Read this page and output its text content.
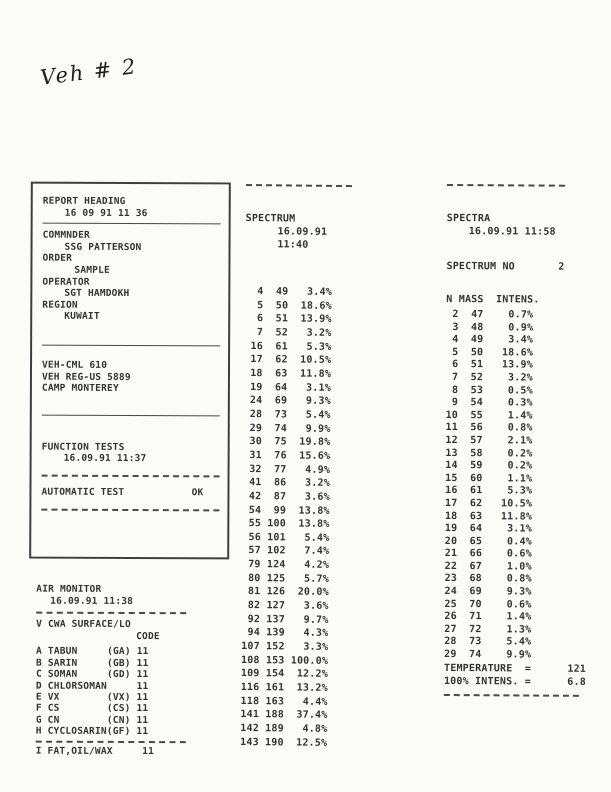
Veh # 2
REPORT HEADING
16 09 91 11 36
COMMNDER
SSG PATTERSON
ORDER
SAMPLE
OPERATOR
SGT HAMDOKH
REGION
KUWAIT
VEH-CML 610
VEH REG-US 5889
CAMP MONTEREY
FUNCTION TESTS
16.09.91 11:37
AUTOMATIC TEST	OK
AIR MONITOR
16.09.91 11:38
V CWA SURFACE/LO
CODE
A TABUN     (GA) 11
B SARIN     (GB) 11
C SOMAN     (GD) 11
D CHLORSOMAN     11
E VX        (VX) 11
F CS        (CS) 11
G CN        (CN) 11
H CYCLOSARIN(GF) 11
I FAT,OIL/WAX     11
SPECTRUM
16.09.91 11:40
4  49   3.4%
5  50  18.6%
6  51  13.9%
7  52   3.2%
16  61   5.3%
17  62  10.5%
18  63  11.8%
19  64   3.1%
24  69   9.3%
28  73   5.4%
29  74   9.9%
30  75  19.8%
31  76  15.6%
32  77   4.9%
41  86   3.2%
42  87   3.6%
54  99  13.8%
55 100  13.8%
56 101   5.4%
57 102   7.4%
79 124   4.2%
80 125   5.7%
81 126  20.0%
82 127   3.6%
92 137   9.7%
94 139   4.3%
107 152   3.3%
108 153 100.0%
109 154  12.2%
116 161  13.2%
118 163   4.4%
141 188  37.4%
142 189   4.8%
143 190  12.5%
SPECTRA
16.09.91 11:58
SPECTRUM NO	2
N MASS  INTENS.
2  47    0.7%
3  48    0.9%
4  49    3.4%
5  50   18.6%
6  51   13.9%
7  52    3.2%
8  53    0.5%
9  54    0.3%
10  55    1.4%
11  56    0.8%
12  57    2.1%
13  58    0.2%
14  59    0.2%
15  60    1.1%
16  61    5.3%
17  62   10.5%
18  63   11.8%
19  64    3.1%
20  65    0.4%
21  66    0.6%
22  67    1.0%
23  68    0.8%
24  69    9.3%
25  70    0.6%
26  71    1.4%
27  72    1.3%
28  73    5.4%
29  74    9.9%
TEMPERATURE  =	121
100% INTENS. =	6.8
